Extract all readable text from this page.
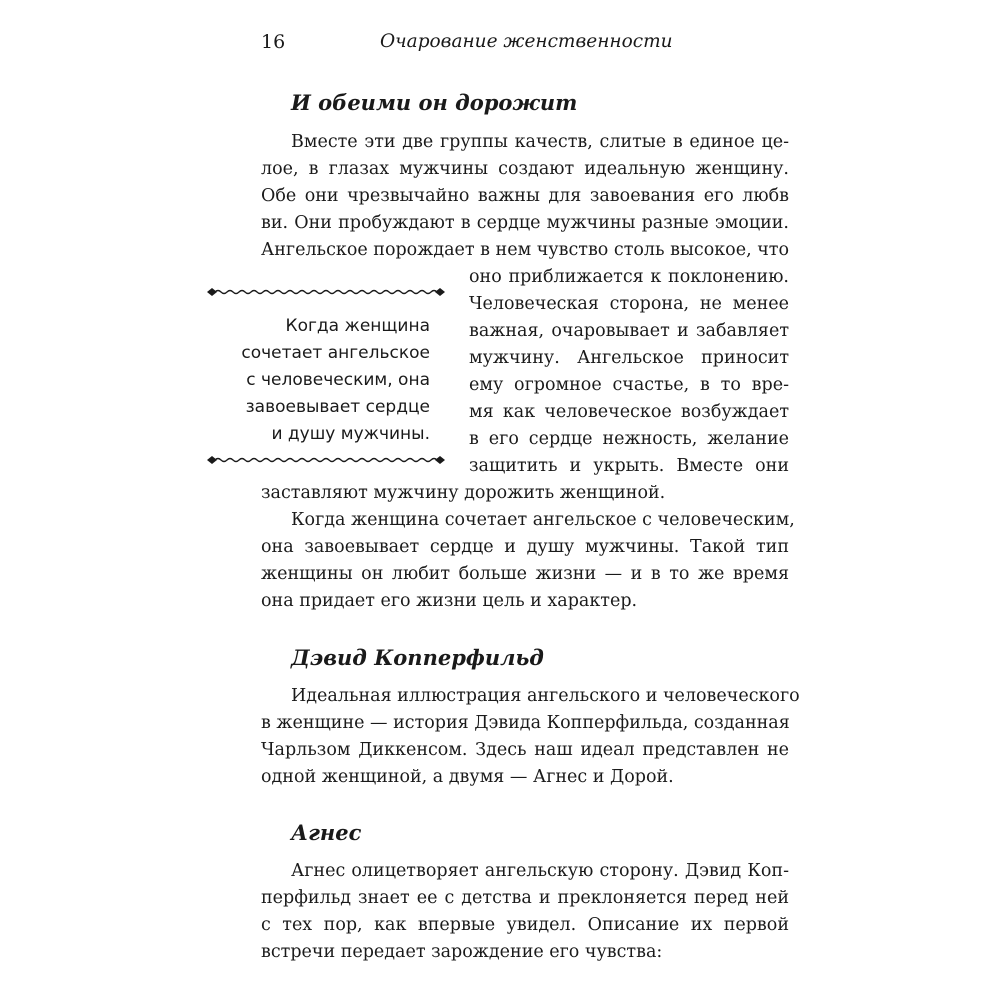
16	Очарование женственности

И обеими он дорожит

Вместе эти две группы качеств, слитые в единое це-

лое, в глазах мужчины создают идеальную женщину.

Обе они чрезвычайно важны для завоевания его любв

ви. Они пробуждают в сердце мужчины разные эмоции.

Ангельское порождает в нем чувство столь высокое, что

оно приближается к поклонению.

Человеческая сторона, не менее

важная, очаровывает и забавляет

мужчину. Ангельское приносит

ему огромное счастье, в то вре-

мя как человеческое возбуждает

в его сердце нежность, желание

защитить и укрыть. Вместе они

заставляют мужчину дорожить женщиной.

Когда женщина сочетает ангельское с человеческим,

она завоевывает сердце и душу мужчины. Такой тип

женщины он любит больше жизни — и в то же время

она придает его жизни цель и характер.

Когда женщина

сочетает ангельское

с человеческим, она

завоевывает сердце

и душу мужчины.

Дэвид Копперфильд

Идеальная иллюстрация ангельского и человеческого

в женщине — история Дэвида Копперфильда, созданная

Чарльзом Диккенсом. Здесь наш идеал представлен не

одной женщиной, а двумя — Агнес и Дорой.

Агнес

Агнес олицетворяет ангельскую сторону. Дэвид Коп-

перфильд знает ее с детства и преклоняется перед ней

с тех пор, как впервые увидел. Описание их первой

встречи передает зарождение его чувства:
